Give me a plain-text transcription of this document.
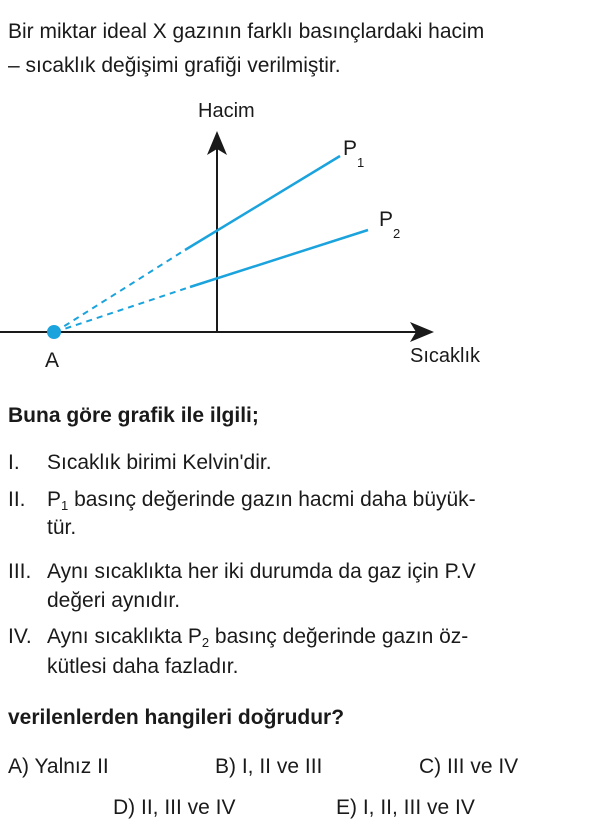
Bir miktar ideal X gazının farklı basınçlardaki hacim
– sıcaklık değişimi grafiği verilmiştir.
Hacim
Sıcaklık
A
$P_1$
$P_2$
Buna göre grafik ile ilgili;
I. Sıcaklık birimi Kelvin'dir.
II. $P_1$ basınç değerinde gazın hacmi daha büyük-
tür.
III. Aynı sıcaklıkta her iki durumda da gaz için P.V
değeri aynıdır.
IV. Aynı sıcaklıkta $P_2$ basınç değerinde gazın öz-
kütlesi daha fazladır.
verilenlerden hangileri doğrudur?
A) Yalnız II	B) I, II ve III	C) III ve IV
D) II, III ve IV	E) I, II, III ve IV
